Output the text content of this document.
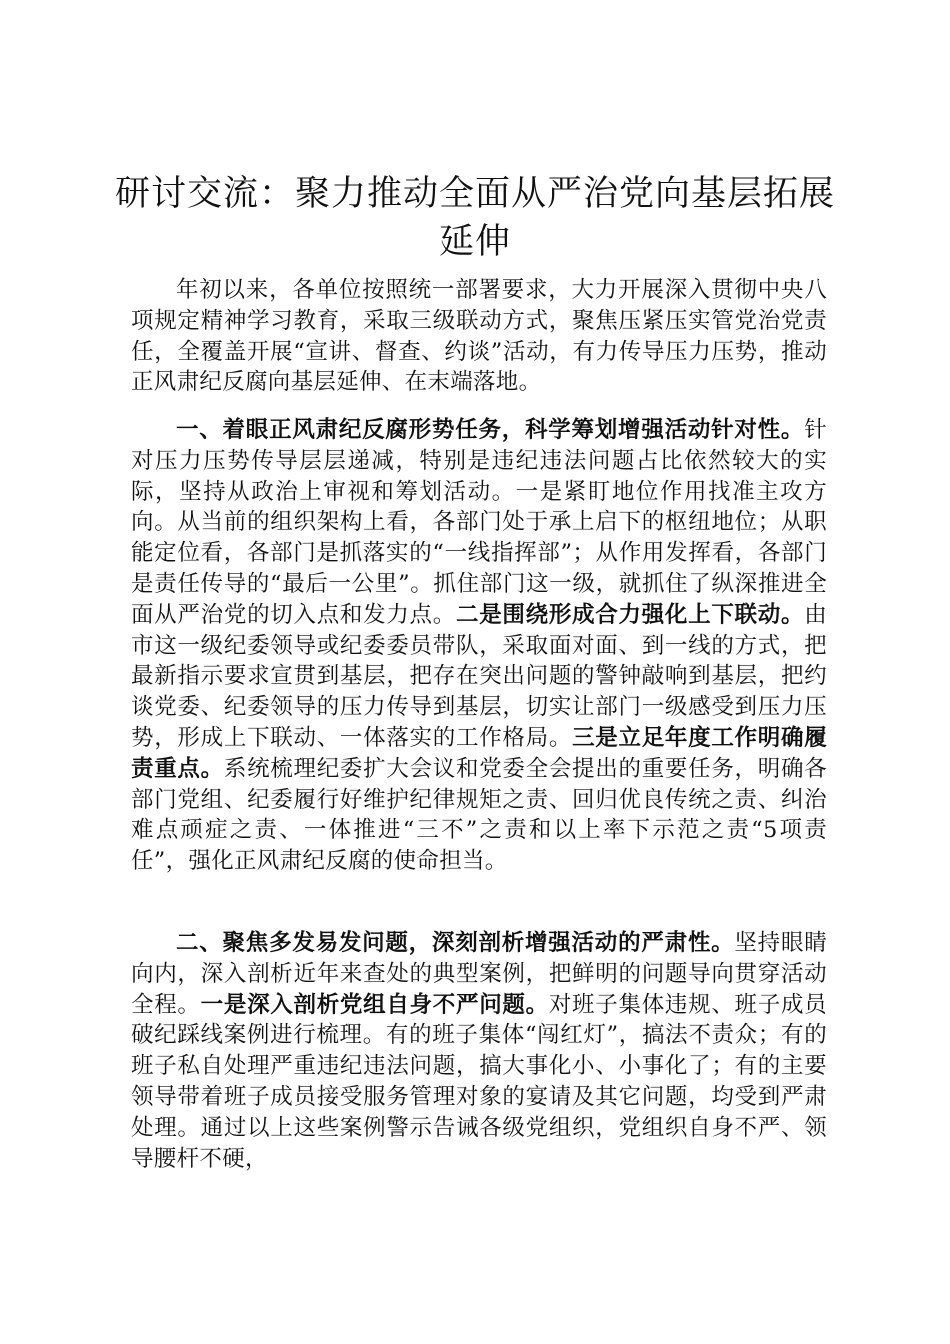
研讨交流：聚力推动全面从严治党向基层拓展延伸

年初以来，各单位按照统一部署要求，大力开展深入贯彻中央八项规定精神学习教育，采取三级联动方式，聚焦压紧压实管党治党责任，全覆盖开展“宣讲、督查、约谈”活动，有力传导压力压势，推动正风肃纪反腐向基层延伸、在末端落地。

一、着眼正风肃纪反腐形势任务，科学筹划增强活动针对性。针对压力压势传导层层递减，特别是违纪违法问题占比依然较大的实际，坚持从政治上审视和筹划活动。一是紧盯地位作用找准主攻方向。从当前的组织架构上看，各部门处于承上启下的枢纽地位；从职能定位看，各部门是抓落实的“一线指挥部”；从作用发挥看，各部门是责任传导的“最后一公里”。抓住部门这一级，就抓住了纵深推进全面从严治党的切入点和发力点。二是围绕形成合力强化上下联动。由市这一级纪委领导或纪委委员带队，采取面对面、到一线的方式，把最新指示要求宣贯到基层，把存在突出问题的警钟敲响到基层，把约谈党委、纪委领导的压力传导到基层，切实让部门一级感受到压力压势，形成上下联动、一体落实的工作格局。三是立足年度工作明确履责重点。系统梳理纪委扩大会议和党委全会提出的重要任务，明确各部门党组、纪委履行好维护纪律规矩之责、回归优良传统之责、纠治难点顽症之责、一体推进“三不”之责和以上率下示范之责“5项责任”，强化正风肃纪反腐的使命担当。

二、聚焦多发易发问题，深刻剖析增强活动的严肃性。坚持眼睛向内，深入剖析近年来查处的典型案例，把鲜明的问题导向贯穿活动全程。一是深入剖析党组自身不严问题。对班子集体违规、班子成员破纪踩线案例进行梳理。有的班子集体“闯红灯”，搞法不责众；有的班子私自处理严重违纪违法问题，搞大事化小、小事化了；有的主要领导带着班子成员接受服务管理对象的宴请及其它问题，均受到严肃处理。通过以上这些案例警示告诫各级党组织，党组织自身不严、领导腰杆不硬，
